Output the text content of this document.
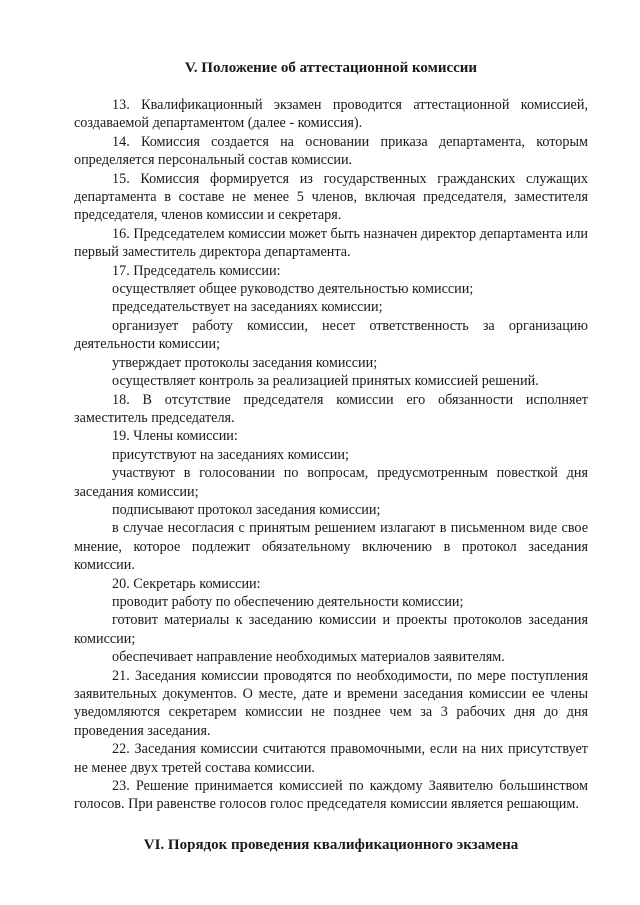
V. Положение об аттестационной комиссии

13. Квалификационный экзамен проводится аттестационной комиссией, создаваемой департаментом (далее - комиссия).

14. Комиссия создается на основании приказа департамента, которым определяется персональный состав комиссии.

15. Комиссия формируется из государственных гражданских служащих департамента в составе не менее 5 членов, включая председателя, заместителя председателя, членов комиссии и секретаря.

16. Председателем комиссии может быть назначен директор департамента или первый заместитель директора департамента.

17. Председатель комиссии:

осуществляет общее руководство деятельностью комиссии;

председательствует на заседаниях комиссии;

организует работу комиссии, несет ответственность за организацию деятельности комиссии;

утверждает протоколы заседания комиссии;

осуществляет контроль за реализацией принятых комиссией решений.

18. В отсутствие председателя комиссии его обязанности исполняет заместитель председателя.

19. Члены комиссии:

присутствуют на заседаниях комиссии;

участвуют в голосовании по вопросам, предусмотренным повесткой дня заседания комиссии;

подписывают протокол заседания комиссии;

в случае несогласия с принятым решением излагают в письменном виде свое мнение, которое подлежит обязательному включению в протокол заседания комиссии.

20. Секретарь комиссии:

проводит работу по обеспечению деятельности комиссии;

готовит материалы к заседанию комиссии и проекты протоколов заседания комиссии;

обеспечивает направление необходимых материалов заявителям.

21. Заседания комиссии проводятся по необходимости, по мере поступления заявительных документов. О месте, дате и времени заседания комиссии ее члены уведомляются секретарем комиссии не позднее чем за 3 рабочих дня до дня проведения заседания.

22. Заседания комиссии считаются правомочными, если на них присутствует не менее двух третей состава комиссии.

23. Решение принимается комиссией по каждому Заявителю большинством голосов. При равенстве голосов голос председателя комиссии является решающим.

VI. Порядок проведения квалификационного экзамена
